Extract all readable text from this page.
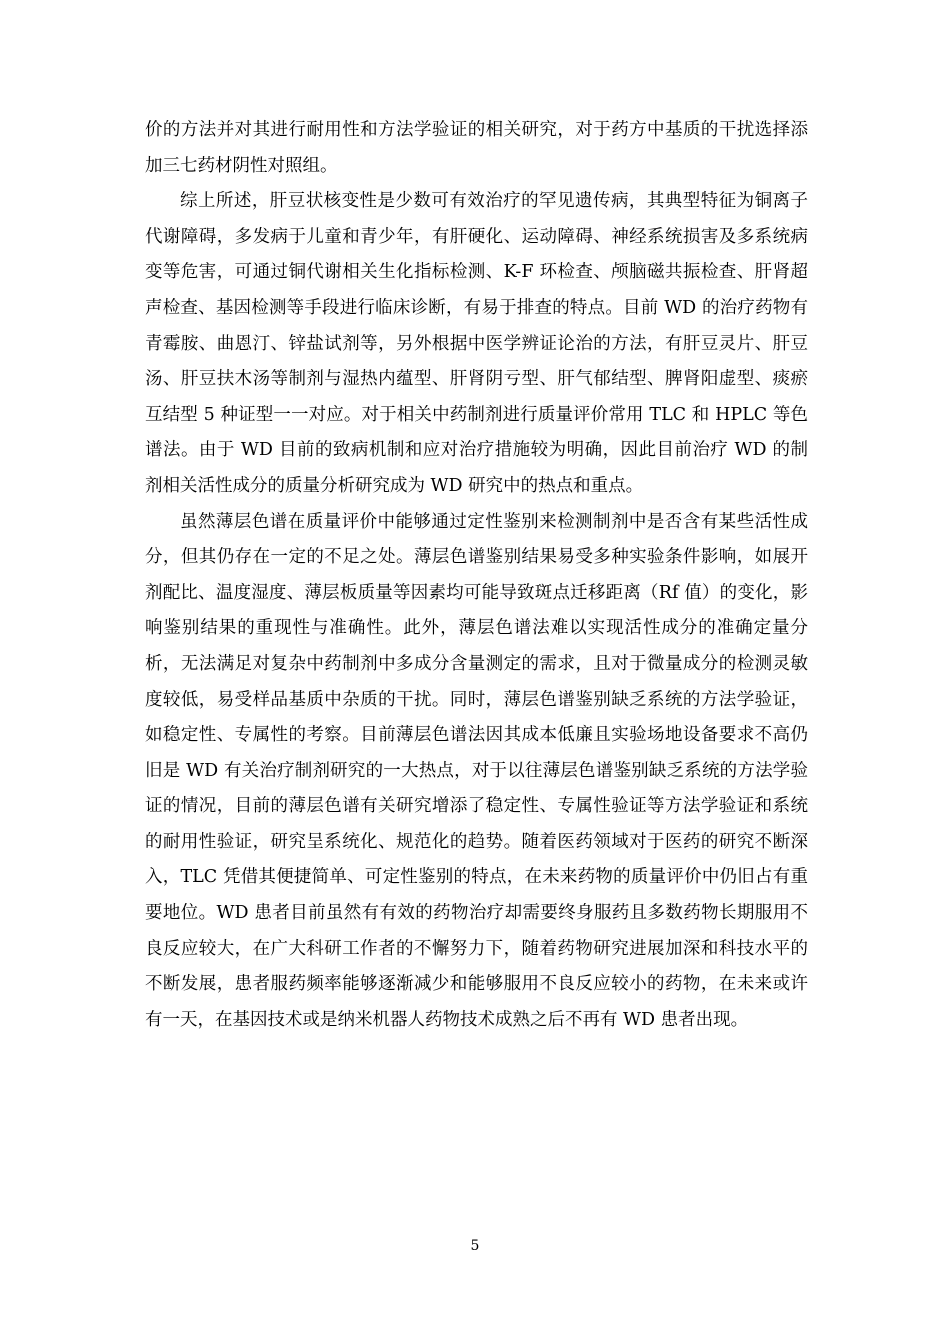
价的方法并对其进行耐用性和方法学验证的相关研究，对于药方中基质的干扰选择添加三七药材阴性对照组。

综上所述，肝豆状核变性是少数可有效治疗的罕见遗传病，其典型特征为铜离子代谢障碍，多发病于儿童和青少年，有肝硬化、运动障碍、神经系统损害及多系统病变等危害，可通过铜代谢相关生化指标检测、K-F 环检查、颅脑磁共振检查、肝肾超声检查、基因检测等手段进行临床诊断，有易于排查的特点。目前 WD 的治疗药物有青霉胺、曲恩汀、锌盐试剂等，另外根据中医学辨证论治的方法，有肝豆灵片、肝豆汤、肝豆扶木汤等制剂与湿热内蕴型、肝肾阴亏型、肝气郁结型、脾肾阳虚型、痰瘀互结型 5 种证型一一对应。对于相关中药制剂进行质量评价常用 TLC 和 HPLC 等色谱法。由于 WD 目前的致病机制和应对治疗措施较为明确，因此目前治疗 WD 的制剂相关活性成分的质量分析研究成为 WD 研究中的热点和重点。

虽然薄层色谱在质量评价中能够通过定性鉴别来检测制剂中是否含有某些活性成分，但其仍存在一定的不足之处。薄层色谱鉴别结果易受多种实验条件影响，如展开剂配比、温度湿度、薄层板质量等因素均可能导致斑点迁移距离（Rf 值）的变化，影响鉴别结果的重现性与准确性。此外，薄层色谱法难以实现活性成分的准确定量分析，无法满足对复杂中药制剂中多成分含量测定的需求，且对于微量成分的检测灵敏度较低，易受样品基质中杂质的干扰。同时，薄层色谱鉴别缺乏系统的方法学验证，如稳定性、专属性的考察。目前薄层色谱法因其成本低廉且实验场地设备要求不高仍旧是 WD 有关治疗制剂研究的一大热点，对于以往薄层色谱鉴别缺乏系统的方法学验证的情况，目前的薄层色谱有关研究增添了稳定性、专属性验证等方法学验证和系统的耐用性验证，研究呈系统化、规范化的趋势。随着医药领域对于医药的研究不断深入，TLC 凭借其便捷简单、可定性鉴别的特点，在未来药物的质量评价中仍旧占有重要地位。WD 患者目前虽然有有效的药物治疗却需要终身服药且多数药物长期服用不良反应较大，在广大科研工作者的不懈努力下，随着药物研究进展加深和科技水平的不断发展，患者服药频率能够逐渐减少和能够服用不良反应较小的药物，在未来或许有一天，在基因技术或是纳米机器人药物技术成熟之后不再有 WD 患者出现。

5
